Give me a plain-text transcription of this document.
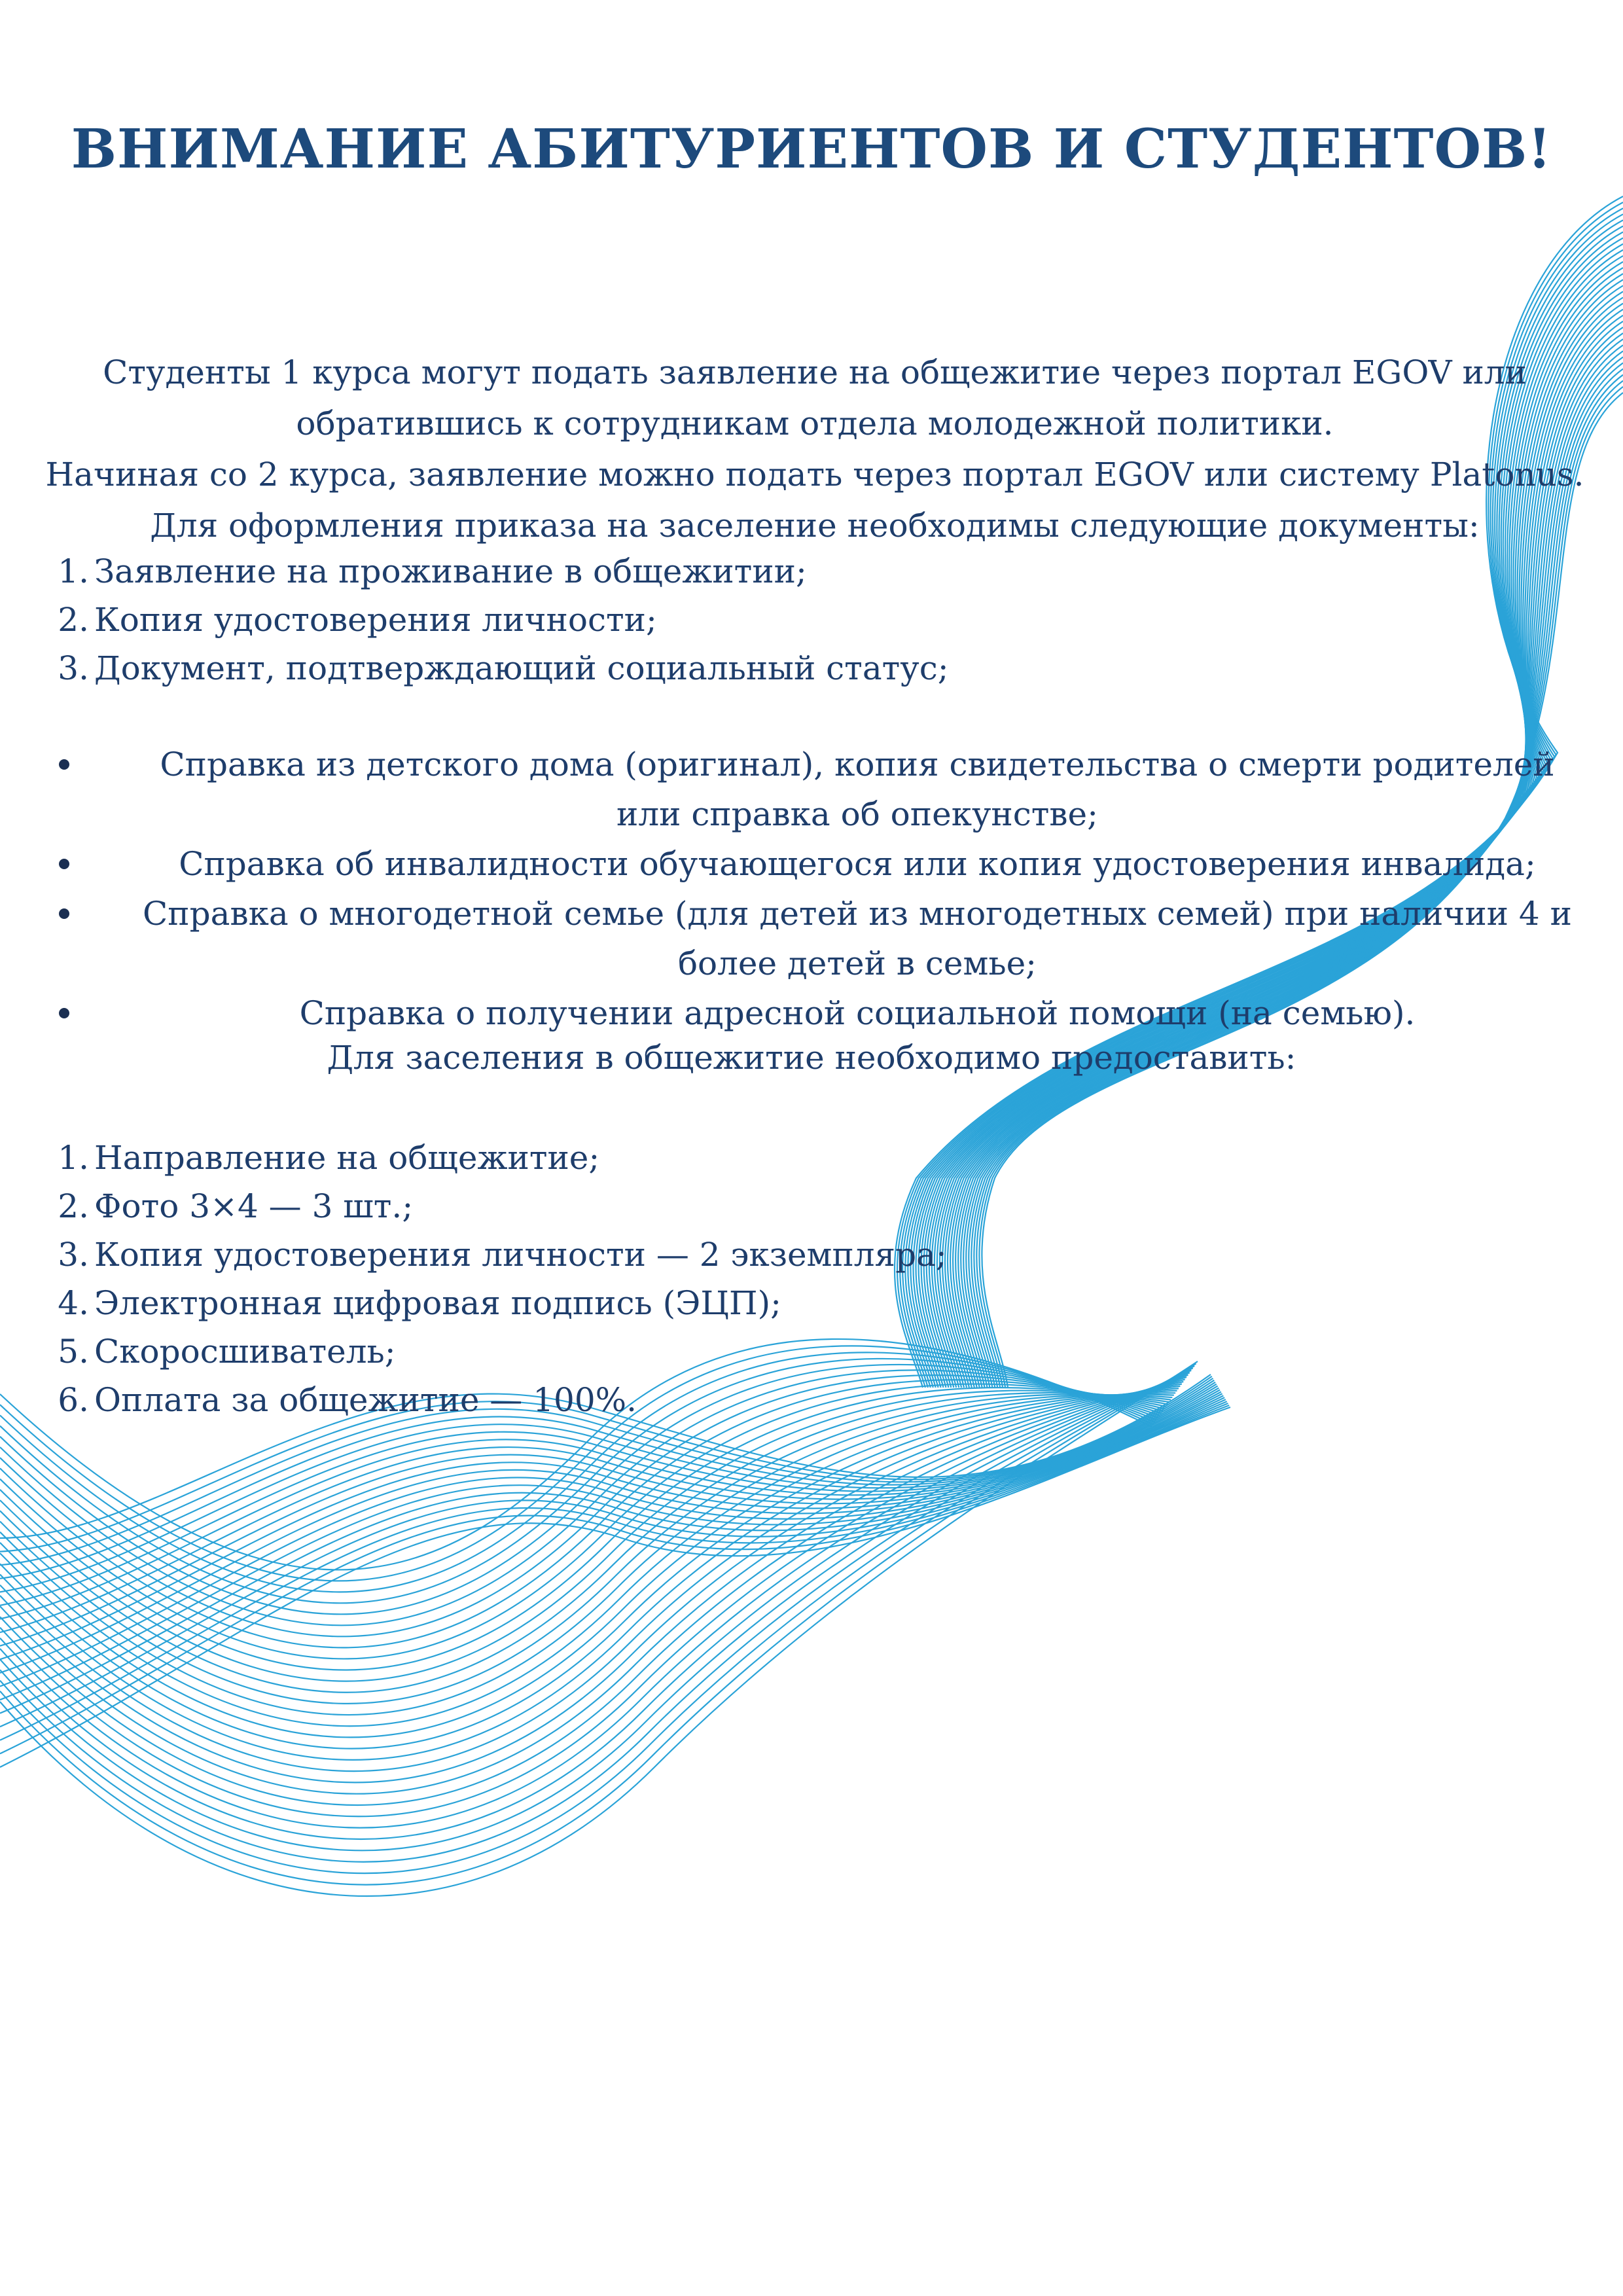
ВНИМАНИЕ АБИТУРИЕНТОВ И СТУДЕНТОВ!

Студенты 1 курса могут подать заявление на общежитие через портал EGOV или обратившись к сотрудникам отдела молодежной политики.

Начиная со 2 курса, заявление можно подать через портал EGOV или систему Platonus.

Для оформления приказа на заселение необходимы следующие документы:

1. Заявление на проживание в общежитии;
2. Копия удостоверения личности;
3. Документ, подтверждающий социальный статус;
Справка из детского дома (оригинал), копия свидетельства о смерти родителей или справка об опекунстве;
Справка об инвалидности обучающегося или копия удостоверения инвалида;
Справка о многодетной семье (для детей из многодетных семей) при наличии 4 и более детей в семье;
Справка о получении адресной социальной помощи (на семью).

Для заселения в общежитие необходимо предоставить:

1. Направление на общежитие;
2. Фото 3×4 — 3 шт.;
3. Копия удостоверения личности — 2 экземпляра;
4. Электронная цифровая подпись (ЭЦП);
5. Скоросшиватель;
6. Оплата за общежитие — 100%.
